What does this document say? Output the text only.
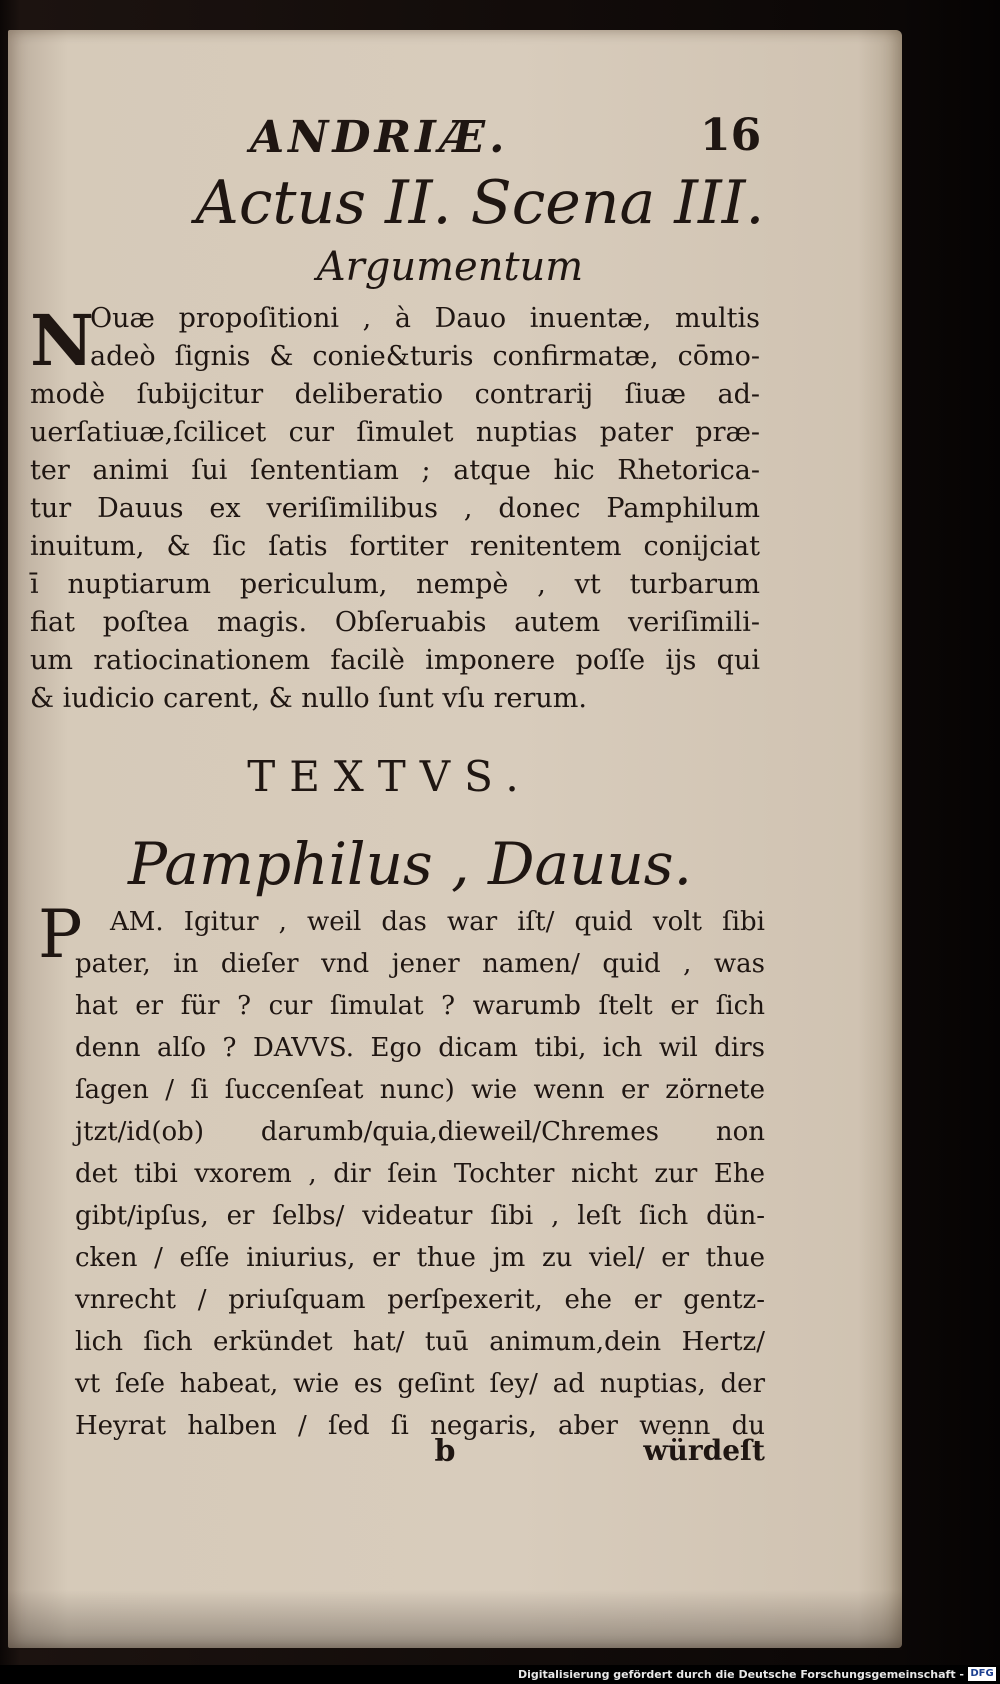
ANDRIÆ.	16
Actus II. Scena III.
Argumentum
N
Ouæ propoſitioni , à Dauo inuentæ, multis
adeò ſignis & conie&turis confirmatæ, cōmo-
modè ſubijcitur deliberatio contrarij ſiuæ ad-
uerſatiuæ,ſcilicet cur ſimulet nuptias pater præ-
ter animi ſui ſententiam ; atque hic Rhetorica-
tur Dauus ex veriſimilibus , donec Pamphilum
inuitum, & ſic ſatis fortiter renitentem conijciat
ī nuptiarum periculum, nempè , vt turbarum
fiat poſtea magis. Obſeruabis autem veriſimili-
um ratiocinationem facilè imponere poſſe ijs qui
& iudicio carent, & nullo ſunt vſu rerum.
TEXTVS.
Pamphilus , Dauus.
P	AM. Igitur , weil das war iſt/ quid volt ſibi
pater, in dieſer vnd jener namen/ quid , was
hat er für ? cur ſimulat ? warumb ſtelt er ſich
denn alſo ? DAVVS. Ego dicam tibi, ich wil dirs
ſagen / ſi ſuccenſeat nunc) wie wenn er zörnete
jtzt/id(ob) darumb/quia,dieweil/Chremes non
det tibi vxorem , dir ſein Tochter nicht zur Ehe
gibt/ipſus, er ſelbs/ videatur ſibi , leſt ſich dün-
cken / eſſe iniurius, er thue jm zu viel/ er thue
vnrecht / priuſquam perſpexerit, ehe er gentz-
lich ſich erkündet hat/ tuū animum,dein Hertz/
vt ſeſe habeat, wie es geſint ſey/ ad nuptias, der
Heyrat halben / ſed ſi negaris, aber wenn du
b	würdeſt
Digitalisierung gefördert durch die Deutsche Forschungsgemeinschaft - DFG
